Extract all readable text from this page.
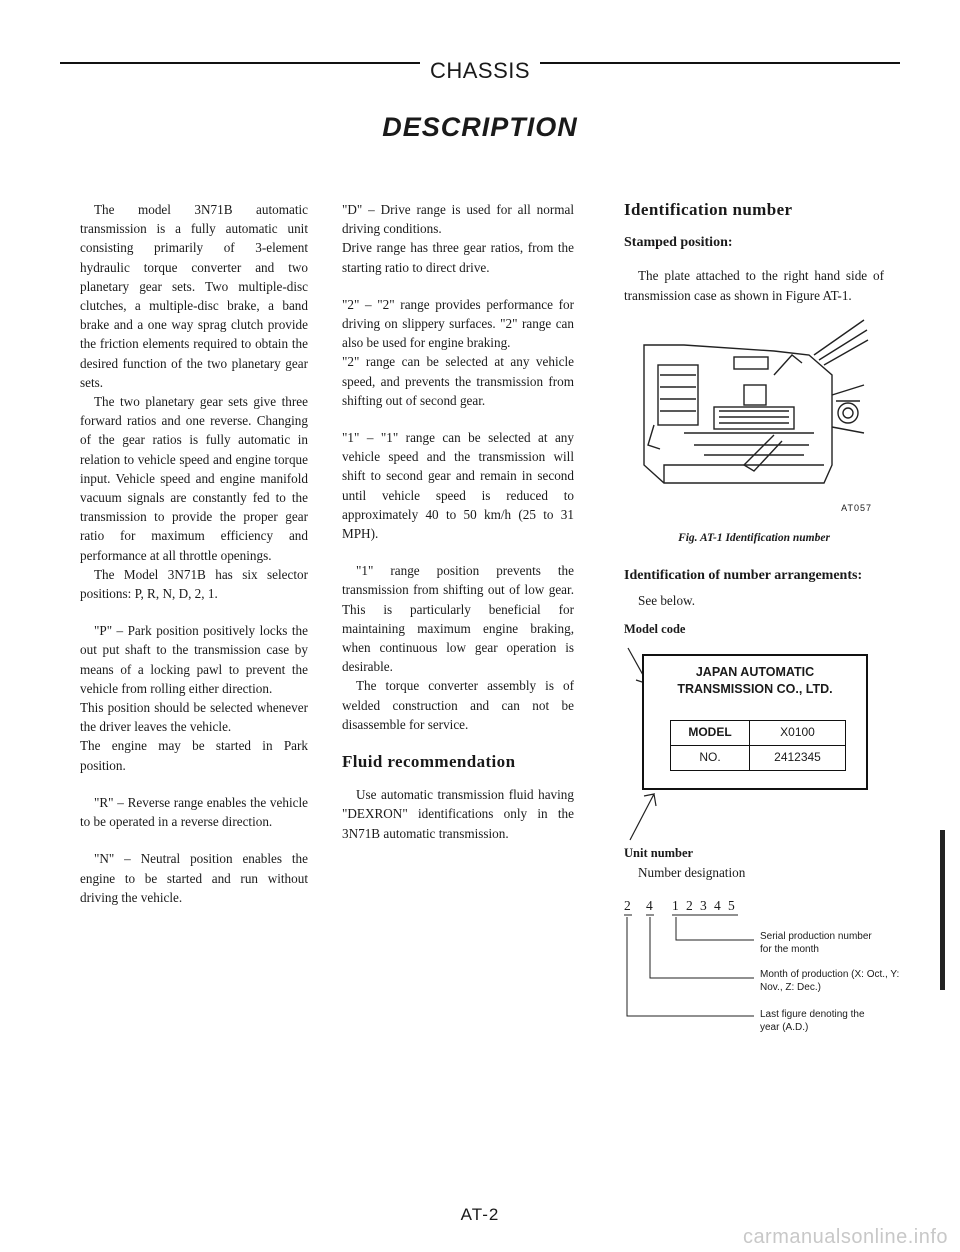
CHASSIS
DESCRIPTION

The model 3N71B automatic transmission is a fully automatic unit consisting primarily of 3-element hydraulic torque converter and two planetary gear sets. Two multiple-disc clutches, a multiple-disc brake, a band brake and a one way sprag clutch provide the friction elements required to obtain the desired function of the two planetary gear sets.

The two planetary gear sets give three forward ratios and one reverse. Changing of the gear ratios is fully automatic in relation to vehicle speed and engine torque input. Vehicle speed and engine manifold vacuum signals are constantly fed to the transmission to provide the proper gear ratio for maximum efficiency and performance at all throttle openings.

The Model 3N71B has six selector positions: P, R, N, D, 2, 1.

"P" – Park position positively locks the out put shaft to the transmission case by means of a locking pawl to prevent the vehicle from rolling either direction.

This position should be selected whenever the driver leaves the vehicle.

The engine may be started in Park position.

"R" – Reverse range enables the vehicle to be operated in a reverse direction.

"N" – Neutral position enables the engine to be started and run without driving the vehicle.

"D" – Drive range is used for all normal driving conditions.

Drive range has three gear ratios, from the starting ratio to direct drive.

"2" – "2" range provides performance for driving on slippery surfaces. "2" range can also be used for engine braking.

"2" range can be selected at any vehicle speed, and prevents the transmission from shifting out of second gear.

"1" – "1" range can be selected at any vehicle speed and the transmission will shift to second gear and remain in second until vehicle speed is reduced to approximately 40 to 50 km/h (25 to 31 MPH).

"1" range position prevents the transmission from shifting out of low gear. This is particularly beneficial for maintaining maximum engine braking, when continuous low gear operation is desirable.

The torque converter assembly is of welded construction and can not be disassemble for service.

Fluid recommendation

Use automatic transmission fluid having "DEXRON" identifications only in the 3N71B automatic transmission.

Identification number
Stamped position:

The plate attached to the right hand side of transmission case as shown in Figure AT-1.

AT057
Fig. AT-1 Identification number
Identification of number arrangements:

See below.

Model code
JAPAN AUTOMATIC
TRANSMISSION CO., LTD.
MODEL	X0100
NO.	2412345
Unit number

Number designation

2 4 1 2 3 4 5
Serial production number for the month
Month of production (X: Oct., Y: Nov., Z: Dec.)
Last figure denoting the year (A.D.)
AT-2
carmanualsonline.info
